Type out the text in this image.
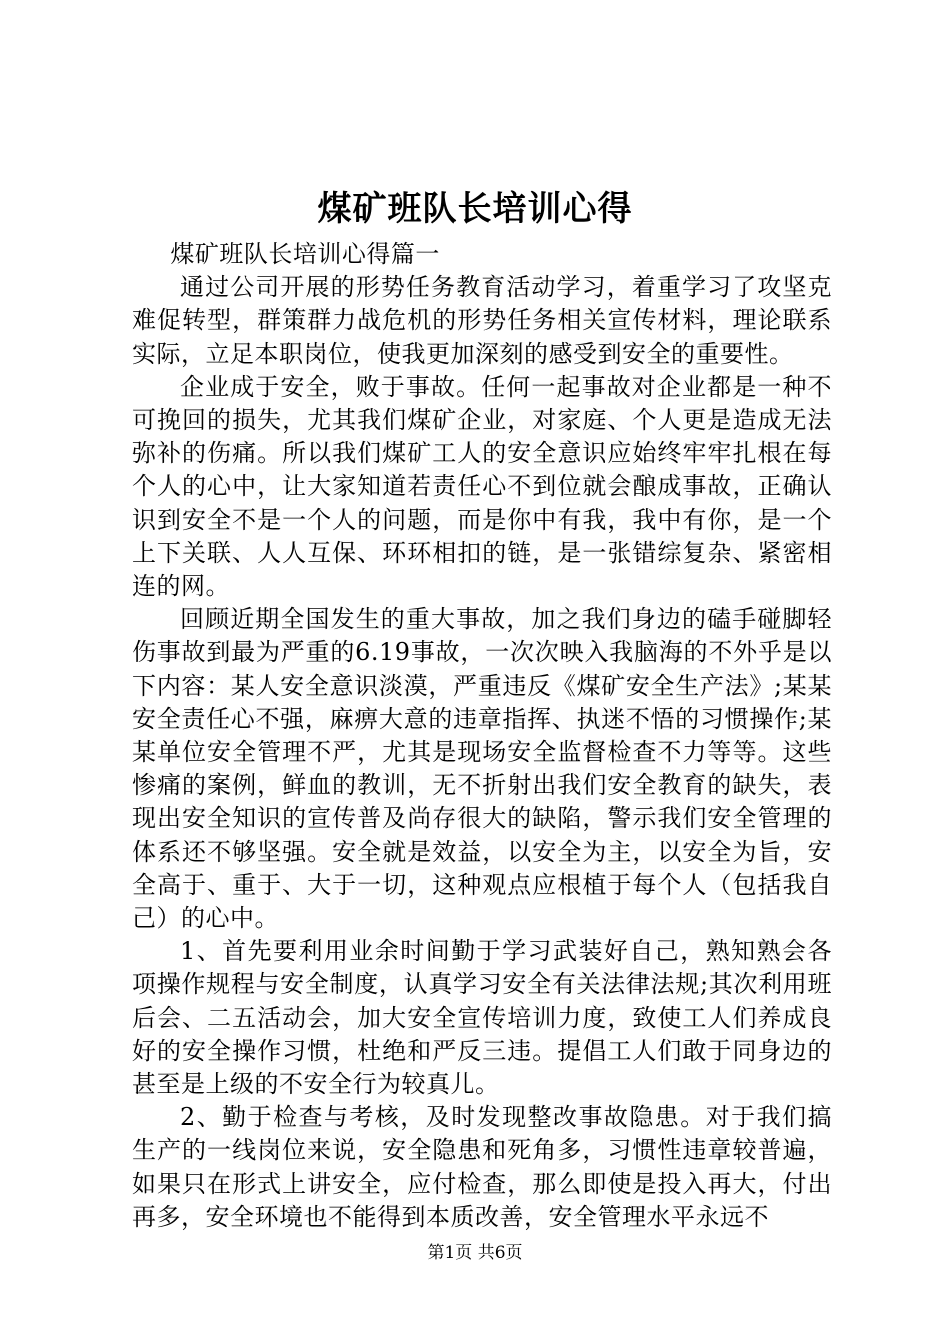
煤矿班队长培训心得

煤矿班队长培训心得篇一

通过公司开展的形势任务教育活动学习，着重学习了攻坚克难促转型，群策群力战危机的形势任务相关宣传材料，理论联系实际，立足本职岗位，使我更加深刻的感受到安全的重要性。

企业成于安全，败于事故。任何一起事故对企业都是一种不可挽回的损失，尤其我们煤矿企业，对家庭、个人更是造成无法弥补的伤痛。所以我们煤矿工人的安全意识应始终牢牢扎根在每个人的心中，让大家知道若责任心不到位就会酿成事故，正确认识到安全不是一个人的问题，而是你中有我，我中有你，是一个上下关联、人人互保、环环相扣的链，是一张错综复杂、紧密相连的网。

回顾近期全国发生的重大事故，加之我们身边的磕手碰脚轻伤事故到最为严重的6.19事故，一次次映入我脑海的不外乎是以下内容：某人安全意识淡漠，严重违反《煤矿安全生产法》;某某安全责任心不强，麻痹大意的违章指挥、执迷不悟的习惯操作;某某单位安全管理不严，尤其是现场安全监督检查不力等等。这些惨痛的案例，鲜血的教训，无不折射出我们安全教育的缺失，表现出安全知识的宣传普及尚存很大的缺陷，警示我们安全管理的体系还不够坚强。安全就是效益，以安全为主，以安全为旨，安全高于、重于、大于一切，这种观点应根植于每个人（包括我自己）的心中。

1、首先要利用业余时间勤于学习武装好自己，熟知熟会各项操作规程与安全制度，认真学习安全有关法律法规;其次利用班后会、二五活动会，加大安全宣传培训力度，致使工人们养成良好的安全操作习惯，杜绝和严反三违。提倡工人们敢于同身边的甚至是上级的不安全行为较真儿。

2、勤于检查与考核，及时发现整改事故隐患。对于我们搞生产的一线岗位来说，安全隐患和死角多，习惯性违章较普遍，如果只在形式上讲安全，应付检查，那么即使是投入再大，付出再多，安全环境也不能得到本质改善，安全管理水平永远不

第1页 共6页
